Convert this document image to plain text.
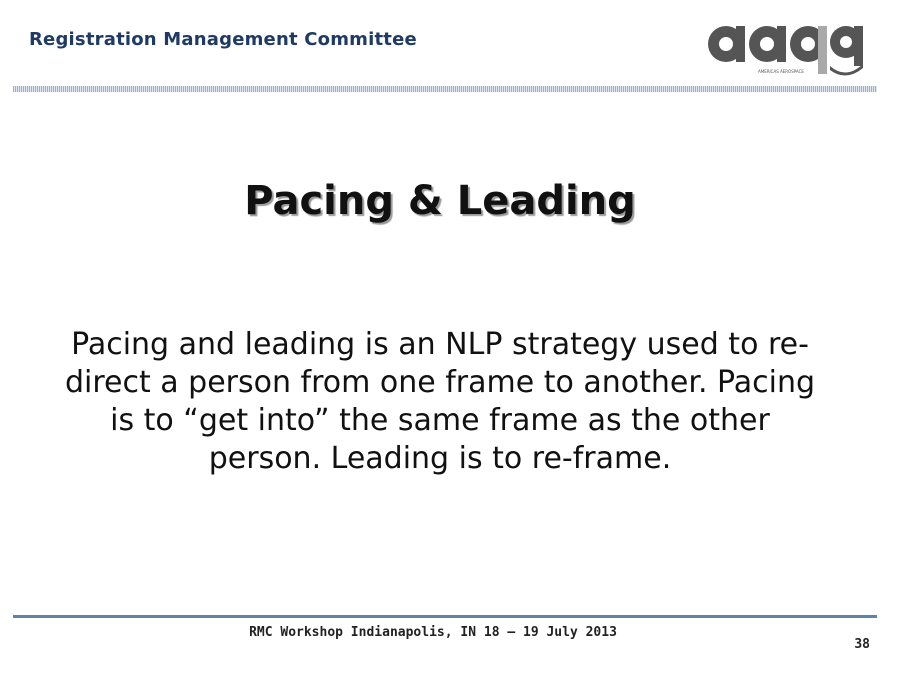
Registration Management Committee
AMERICAS AEROSPACE
Pacing & Leading
Pacing and leading is an NLP strategy used to re-direct a person from one frame to another. Pacing is to “get into” the same frame as the other person. Leading is to re-frame.
RMC Workshop Indianapolis, IN 18 – 19 July 2013
38
